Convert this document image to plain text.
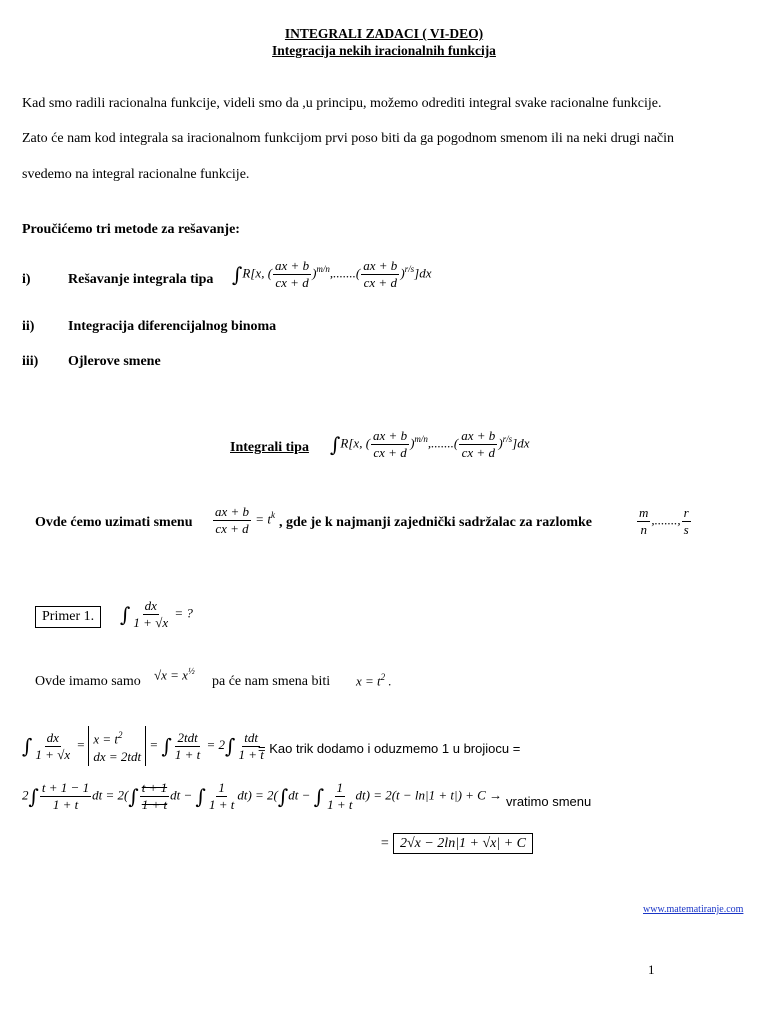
INTEGRALI ZADACI ( VI-DEO)
Integracija nekih iracionalnih funkcija
Kad smo radili racionalna funkcije, videli smo da ,u principu, možemo odrediti integral svake racionalne funkcije.
Zato će nam kod integrala sa iracionalnom funkcijom prvi poso biti da ga pogodnom smenom ili na neki drugi način
svedemo na integral racionalne funkcije.
Proučićemo tri metode za rešavanje:
i)	Rešavanje integrala tipa ∫R[x, ( $\frac{ax + b}{cx + d} )^{m/n},.......( \frac{ax + b}{cx + d} )^{r/s}]dx$
ii) Integracija diferencijalnog binoma
iii) Ojlerove smene
Integrali tipa ∫R[x, ( $\frac{ax + b}{cx + d} )^{m/n},.......( \frac{ax + b}{cx + d} )^{r/s}]dx$
Ovde ćemo uzimati smenu $\frac{ax + b}{cx + d} = t^k$ , gde je k najmanji zajednički sadržalac za razlomke	$\frac{m}{n}$ ,......., $\frac{r}{s}$
Primer 1.	∫ $\frac{dx}{1 + √x}$ = ?
Ovde imamo samo $√x = x^{\frac{1}{2}}$
pa će nam smena biti $x = t^2$ .
∫ $\frac{dx}{1 + √x} = x = t^2$
dx = 2tdt
= ∫ 2tdt
1 + t
= 2∫ tdt
1 + t
= Kao trik dodamo i oduzmemo 1 u brojiocu =
$2\int \frac{t + 1 - 1}{1 + t}$ dt = $2(\int \frac{t + 1}{1 + t}$ dt − ∫ $\frac{1}{1 + t} dt) = 2(\int dt$ − ∫ $\frac{1}{1 + t} dt) = 2(t - \ln|1 + t|) + C$ → vratimo smenu
= 2√x − 2ln|1 + √x| + C
www.matematiranje.com
1
